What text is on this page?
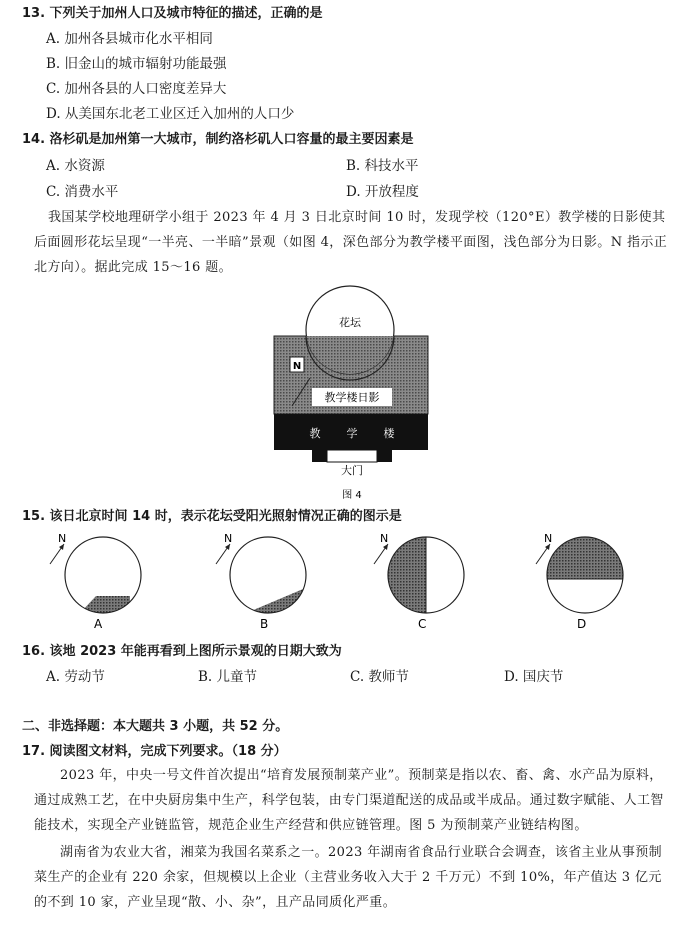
13. 下列关于加州人口及城市特征的描述，正确的是
A. 加州各县城市化水平相同
B. 旧金山的城市辐射功能最强
C. 加州各县的人口密度差异大
D. 从美国东北老工业区迁入加州的人口少
14. 洛杉矶是加州第一大城市，制约洛杉矶人口容量的最主要因素是
A. 水资源	B. 科技水平
C. 消费水平	D. 开放程度
我国某学校地理研学小组于 2023 年 4 月 3 日北京时间 10 时，发现学校（120°E）教学楼的日影使其后面圆形花坛呈现“一半亮、一半暗”景观（如图 4，深色部分为教学楼平面图，浅色部分为日影。N 指示正北方向）。据此完成 15～16 题。
花坛
N
教学楼日影
教 学 楼
大门
图 4
15. 该日北京时间 14 时，表示花坛受阳光照射情况正确的图示是
N
A
N
B
N
C
N
D
16. 该地 2023 年能再看到上图所示景观的日期大致为
A. 劳动节	B. 儿童节	C. 教师节	D. 国庆节
二、非选择题：本大题共 3 小题，共 52 分。
17. 阅读图文材料，完成下列要求。（18 分）
2023 年，中央一号文件首次提出“培育发展预制菜产业”。预制菜是指以农、畜、禽、水产品为原料，通过成熟工艺，在中央厨房集中生产，科学包装，由专门渠道配送的成品或半成品。通过数字赋能、人工智能技术，实现全产业链监管，规范企业生产经营和供应链管理。图 5 为预制菜产业链结构图。
湖南省为农业大省，湘菜为我国名菜系之一。2023 年湖南省食品行业联合会调查，该省主业从事预制菜生产的企业有 220 余家，但规模以上企业（主营业务收入大于 2 千万元）不到 10%，年产值达 3 亿元的不到 10 家，产业呈现“散、小、杂”，且产品同质化严重。
